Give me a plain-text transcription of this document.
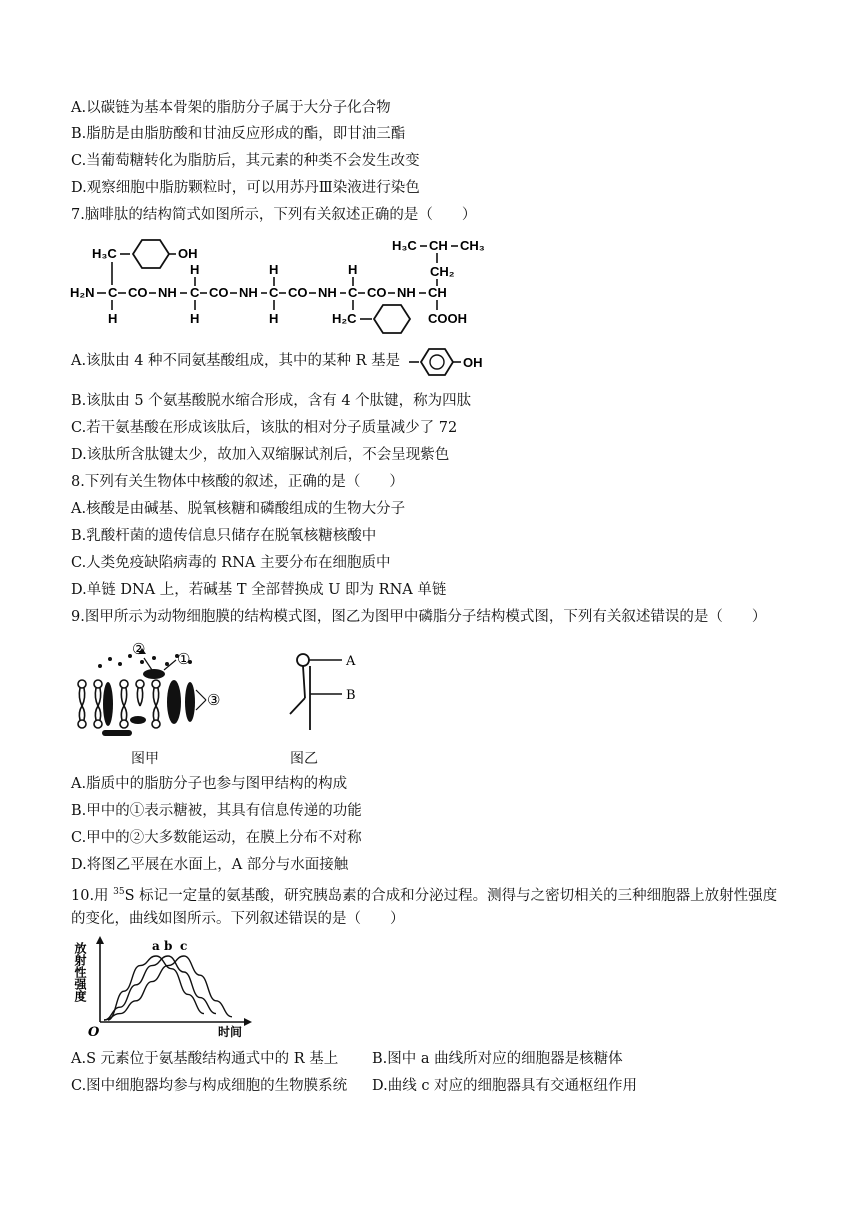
A.以碳链为基本骨架的脂肪分子属于大分子化合物
B.脂肪是由脂肪酸和甘油反应形成的酯，即甘油三酯
C.当葡萄糖转化为脂肪后，其元素的种类不会发生改变
D.观察细胞中脂肪颗粒时，可以用苏丹Ⅲ染液进行染色
7.脑啡肽的结构简式如图所示，下列有关叙述正确的是（　　）
H₃C	OH
H	H	H
H₂N C CO NH C CO NH C CO NH C CO NH CH
H	H	H	H₂C
H₃C CH CH₃
CH₂
COOH
A.该肽由 4 种不同氨基酸组成，其中的某种 R 基是	OH
B.该肽由 5 个氨基酸脱水缩合形成，含有 4 个肽键，称为四肽
C.若干氨基酸在形成该肽后，该肽的相对分子质量减少了 72
D.该肽所含肽键太少，故加入双缩脲试剂后，不会呈现紫色
8.下列有关生物体中核酸的叙述，正确的是（　　）
A.核酸是由碱基、脱氧核糖和磷酸组成的生物大分子
B.乳酸杆菌的遗传信息只储存在脱氧核糖核酸中
C.人类免疫缺陷病毒的 RNA 主要分布在细胞质中
D.单链 DNA 上，若碱基 T 全部替换成 U 即为 RNA 单链
9.图甲所示为动物细胞膜的结构模式图，图乙为图甲中磷脂分子结构模式图，下列有关叙述错误的是（　　）
②
①
③
图甲
A
B
图乙
A.脂质中的脂肪分子也参与图甲结构的构成
B.甲中的①表示糖被，其具有信息传递的功能
C.甲中的②大多数能运动，在膜上分布不对称
D.将图乙平展在水面上，A 部分与水面接触
10.用 $^{35}$S 标记一定量的氨基酸，研究胰岛素的合成和分泌过程。测得与之密切相关的三种细胞器上放射性强度
的变化，曲线如图所示。下列叙述错误的是（　　）
a b c
放射性强度
O	时间
A.S 元素位于氨基酸结构通式中的 R 基上 B.图中 a 曲线所对应的细胞器是核糖体
C.图中细胞器均参与构成细胞的生物膜系统 D.曲线 c 对应的细胞器具有交通枢纽作用
